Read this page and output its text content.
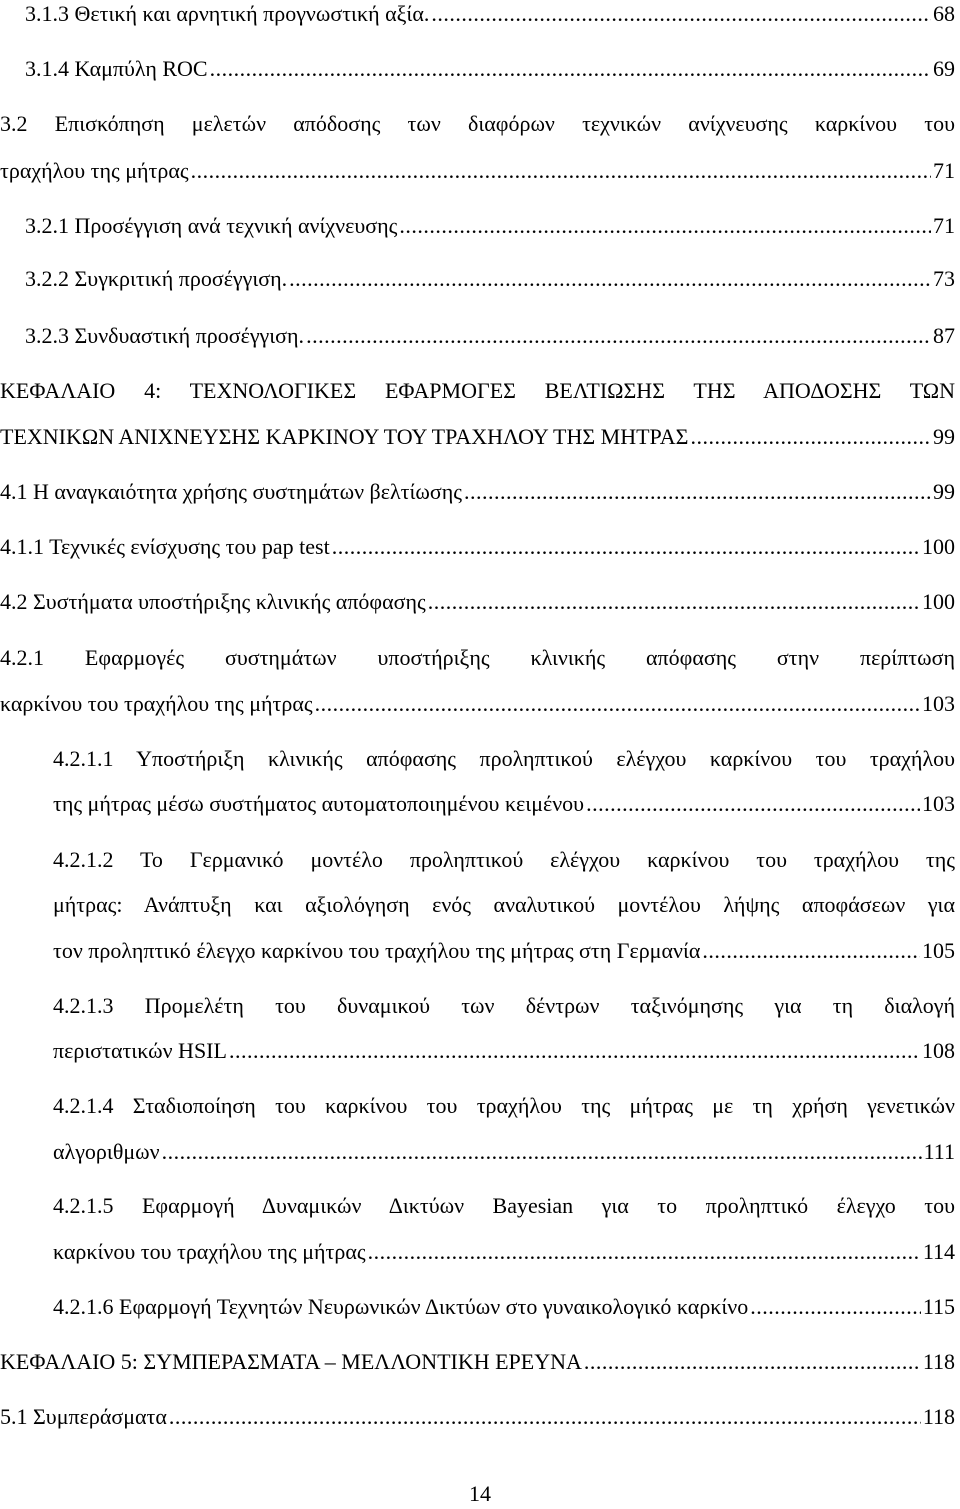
3.1.3 Θετική και αρνητική προγνωστική αξία. .....	68
3.1.4 Καμπύλη ROC .....	69
3.2 Επισκόπηση μελετών απόδοσης των διαφόρων τεχνικών ανίχνευσης καρκίνου του
τραχήλου της μήτρας .....	71
3.2.1 Προσέγγιση ανά τεχνική ανίχνευσης .....	71
3.2.2 Συγκριτική προσέγγιση. .....	73
3.2.3 Συνδυαστική προσέγγιση. .....	87
ΚΕΦΑΛΑΙΟ 4: ΤΕΧΝΟΛΟΓΙΚΕΣ ΕΦΑΡΜΟΓΕΣ ΒΕΛΤΙΩΣΗΣ ΤΗΣ ΑΠΟΔΟΣΗΣ ΤΩΝ
ΤΕΧΝΙΚΩΝ ΑΝΙΧΝΕΥΣΗΣ ΚΑΡΚΙΝΟΥ ΤΟΥ ΤΡΑΧΗΛΟΥ ΤΗΣ ΜΗΤΡΑΣ .....	99
4.1 Η αναγκαιότητα χρήσης συστημάτων βελτίωσης .....	99
4.1.1 Τεχνικές ενίσχυσης του pap test .....	100
4.2 Συστήματα υποστήριξης κλινικής απόφασης .....	100
4.2.1 Εφαρμογές συστημάτων υποστήριξης κλινικής απόφασης στην περίπτωση
καρκίνου του τραχήλου της μήτρας .....	103
4.2.1.1 Υποστήριξη κλινικής απόφασης προληπτικού ελέγχου καρκίνου του τραχήλου
της μήτρας μέσω συστήματος αυτοματοποιημένου κειμένου .....	103
4.2.1.2 Το Γερμανικό μοντέλο προληπτικού ελέγχου καρκίνου του τραχήλου της
μήτρας: Ανάπτυξη και αξιολόγηση ενός αναλυτικού μοντέλου λήψης αποφάσεων για
τον προληπτικό έλεγχο καρκίνου του τραχήλου της μήτρας στη Γερμανία .....	105
4.2.1.3 Προμελέτη του δυναμικού των δέντρων ταξινόμησης για τη διαλογή
περιστατικών HSIL .....	108
4.2.1.4 Σταδιοποίηση του καρκίνου του τραχήλου της μήτρας με τη χρήση γενετικών
αλγοριθμων .....	111
4.2.1.5 Εφαρμογή Δυναμικών Δικτύων Bayesian για το προληπτικό έλεγχο του
καρκίνου του τραχήλου της μήτρας .....	114
4.2.1.6 Εφαρμογή Τεχνητών Νευρωνικών Δικτύων στο γυναικολογικό καρκίνο .....	115
ΚΕΦΑΛΑΙΟ 5: ΣΥΜΠΕΡΑΣΜΑΤΑ – ΜΕΛΛΟΝΤΙΚΗ ΕΡΕΥΝΑ .....	118
5.1 Συμπεράσματα .....	118
14
